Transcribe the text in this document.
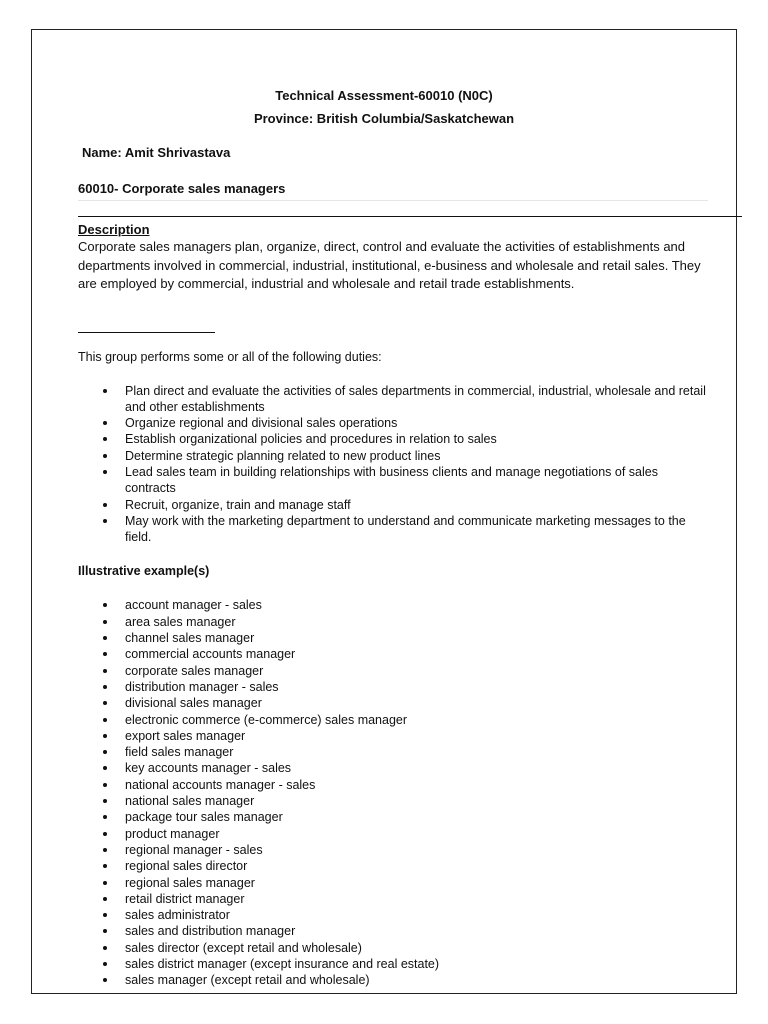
Technical Assessment-60010 (N0C)
Province: British Columbia/Saskatchewan
Name: Amit Shrivastava
60010- Corporate sales managers
Description

Corporate sales managers plan, organize, direct, control and evaluate the activities of establishments and departments involved in commercial, industrial, institutional, e-business and wholesale and retail sales. They are employed by commercial, industrial and wholesale and retail trade establishments.

This group performs some or all of the following duties:
Plan direct and evaluate the activities of sales departments in commercial, industrial, wholesale and retail and other establishments
Organize regional and divisional sales operations
Establish organizational policies and procedures in relation to sales
Determine strategic planning related to new product lines
Lead sales team in building relationships with business clients and manage negotiations of sales contracts
Recruit, organize, train and manage staff
May work with the marketing department to understand and communicate marketing messages to the field.
Illustrative example(s)
account manager - sales
area sales manager
channel sales manager
commercial accounts manager
corporate sales manager
distribution manager - sales
divisional sales manager
electronic commerce (e-commerce) sales manager
export sales manager
field sales manager
key accounts manager - sales
national accounts manager - sales
national sales manager
package tour sales manager
product manager
regional manager - sales
regional sales director
regional sales manager
retail district manager
sales administrator
sales and distribution manager
sales director (except retail and wholesale)
sales district manager (except insurance and real estate)
sales manager (except retail and wholesale)
